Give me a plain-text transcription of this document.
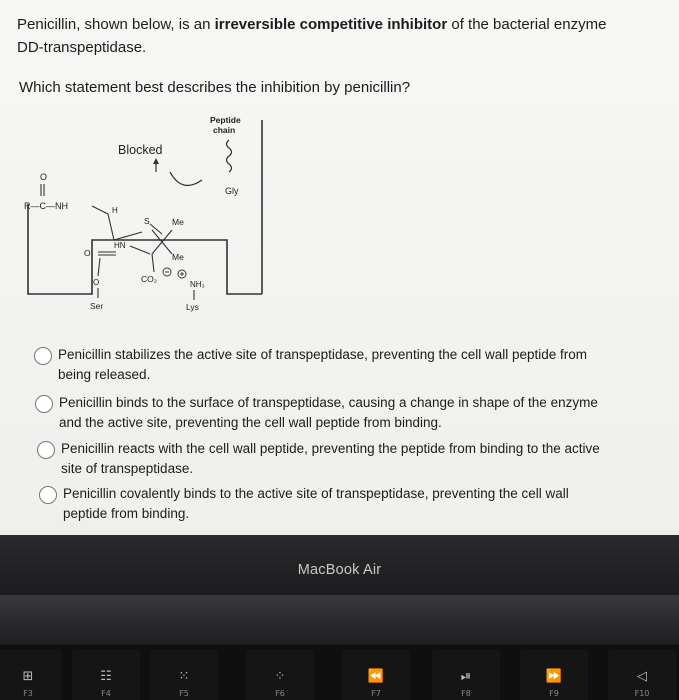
Penicillin, shown below, is an irreversible competitive inhibitor of the bacterial enzyme DD-transpeptidase.
Which statement best describes the inhibition by penicillin?
Peptide
chain
Gly
Blocked
O
R—C—NH	H
S	Me
Me
HN
O
CO₂
O
Ser
NH₃
Lys
Penicillin stabilizes the active site of transpeptidase, preventing the cell wall peptide from being released.
Penicillin binds to the surface of transpeptidase, causing a change in shape of the enzyme and the active site, preventing the cell wall peptide from binding.
Penicillin reacts with the cell wall peptide, preventing the peptide from binding to the active site of transpeptidase.
Penicillin covalently binds to the active site of transpeptidase, preventing the cell wall peptide from binding.
MacBook Air
⊞
F3
☷
F4
⁙
F5
⁘
F6
⏪
F7
⏯
F8
⏩
F9
◁
F10
